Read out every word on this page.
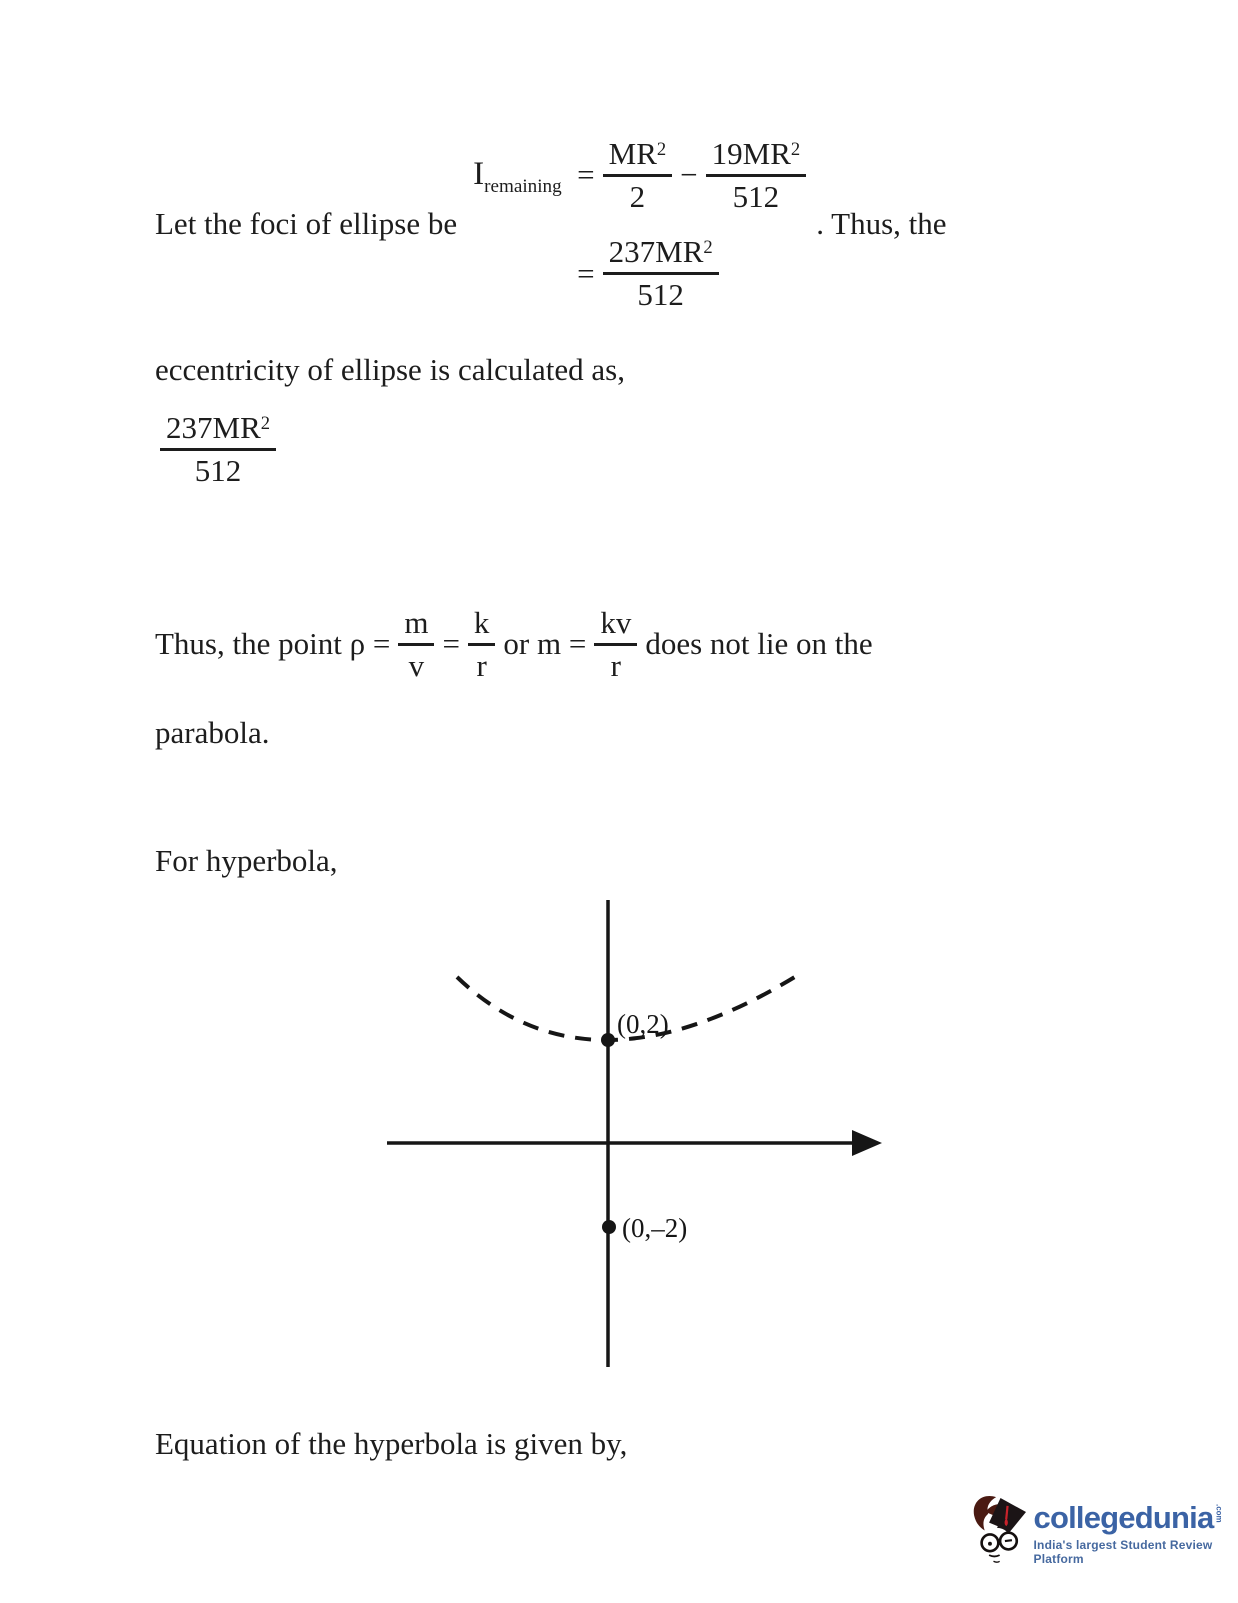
Let the foci of ellipse be
$I_{remaining} = \frac{MR^2}{2} - \frac{19MR^2}{512}$
= $\frac{237MR^2}{512}$
. Thus, the
eccentricity of ellipse is calculated as,
$\frac{237MR^2}{512}$
Thus, the point $\rho = \frac{m}{v} = \frac{k}{r}$ or $m = \frac{kv}{r}$ does not lie on the
parabola.
For hyperbola,
(0,2)
(0,–2)
Equation of the hyperbola is given by,
collegedunia .com
India's largest Student Review Platform
